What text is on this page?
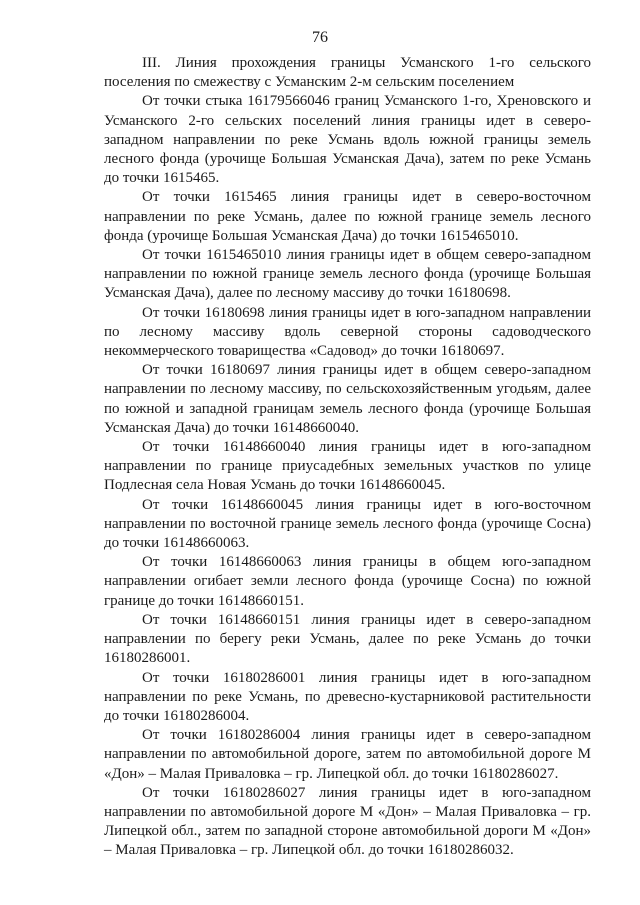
76

III. Линия прохождения границы Усманского 1-го сельского поселения по смежеству с Усманским 2-м сельским поселением

От точки стыка 16179566046 границ Усманского 1-го, Хреновского и Усманского 2-го сельских поселений линия границы идет в северо-западном направлении по реке Усмань вдоль южной границы земель лесного фонда (урочище Большая Усманская Дача), затем по реке Усмань до точки 1615465.

От точки 1615465 линия границы идет в северо-восточном направлении по реке Усмань, далее по южной границе земель лесного фонда (урочище Большая Усманская Дача) до точки 1615465010.

От точки 1615465010 линия границы идет в общем северо-западном направлении по южной границе земель лесного фонда (урочище Большая Усманская Дача), далее по лесному массиву до точки 16180698.

От точки 16180698 линия границы идет в юго-западном направлении по лесному массиву вдоль северной стороны садоводческого некоммерческого товарищества «Садовод» до точки 16180697.

От точки 16180697 линия границы идет в общем северо-западном направлении по лесному массиву, по сельскохозяйственным угодьям, далее по южной и западной границам земель лесного фонда (урочище Большая Усманская Дача) до точки 16148660040.

От точки 16148660040 линия границы идет в юго-западном направлении по границе приусадебных земельных участков по улице Подлесная села Новая Усмань до точки 16148660045.

От точки 16148660045 линия границы идет в юго-восточном направлении по восточной границе земель лесного фонда (урочище Сосна) до точки 16148660063.

От точки 16148660063 линия границы в общем юго-западном направлении огибает земли лесного фонда (урочище Сосна) по южной границе до точки 16148660151.

От точки 16148660151 линия границы идет в северо-западном направлении по берегу реки Усмань, далее по реке Усмань до точки 16180286001.

От точки 16180286001 линия границы идет в юго-западном направлении по реке Усмань, по древесно-кустарниковой растительности до точки 16180286004.

От точки 16180286004 линия границы идет в северо-западном направлении по автомобильной дороге, затем по автомобильной дороге М «Дон» – Малая Приваловка – гр. Липецкой обл. до точки 16180286027.

От точки 16180286027 линия границы идет в юго-западном направлении по автомобильной дороге М «Дон» – Малая Приваловка – гр. Липецкой обл., затем по западной стороне автомобильной дороги М «Дон» – Малая Приваловка – гр. Липецкой обл. до точки 16180286032.
